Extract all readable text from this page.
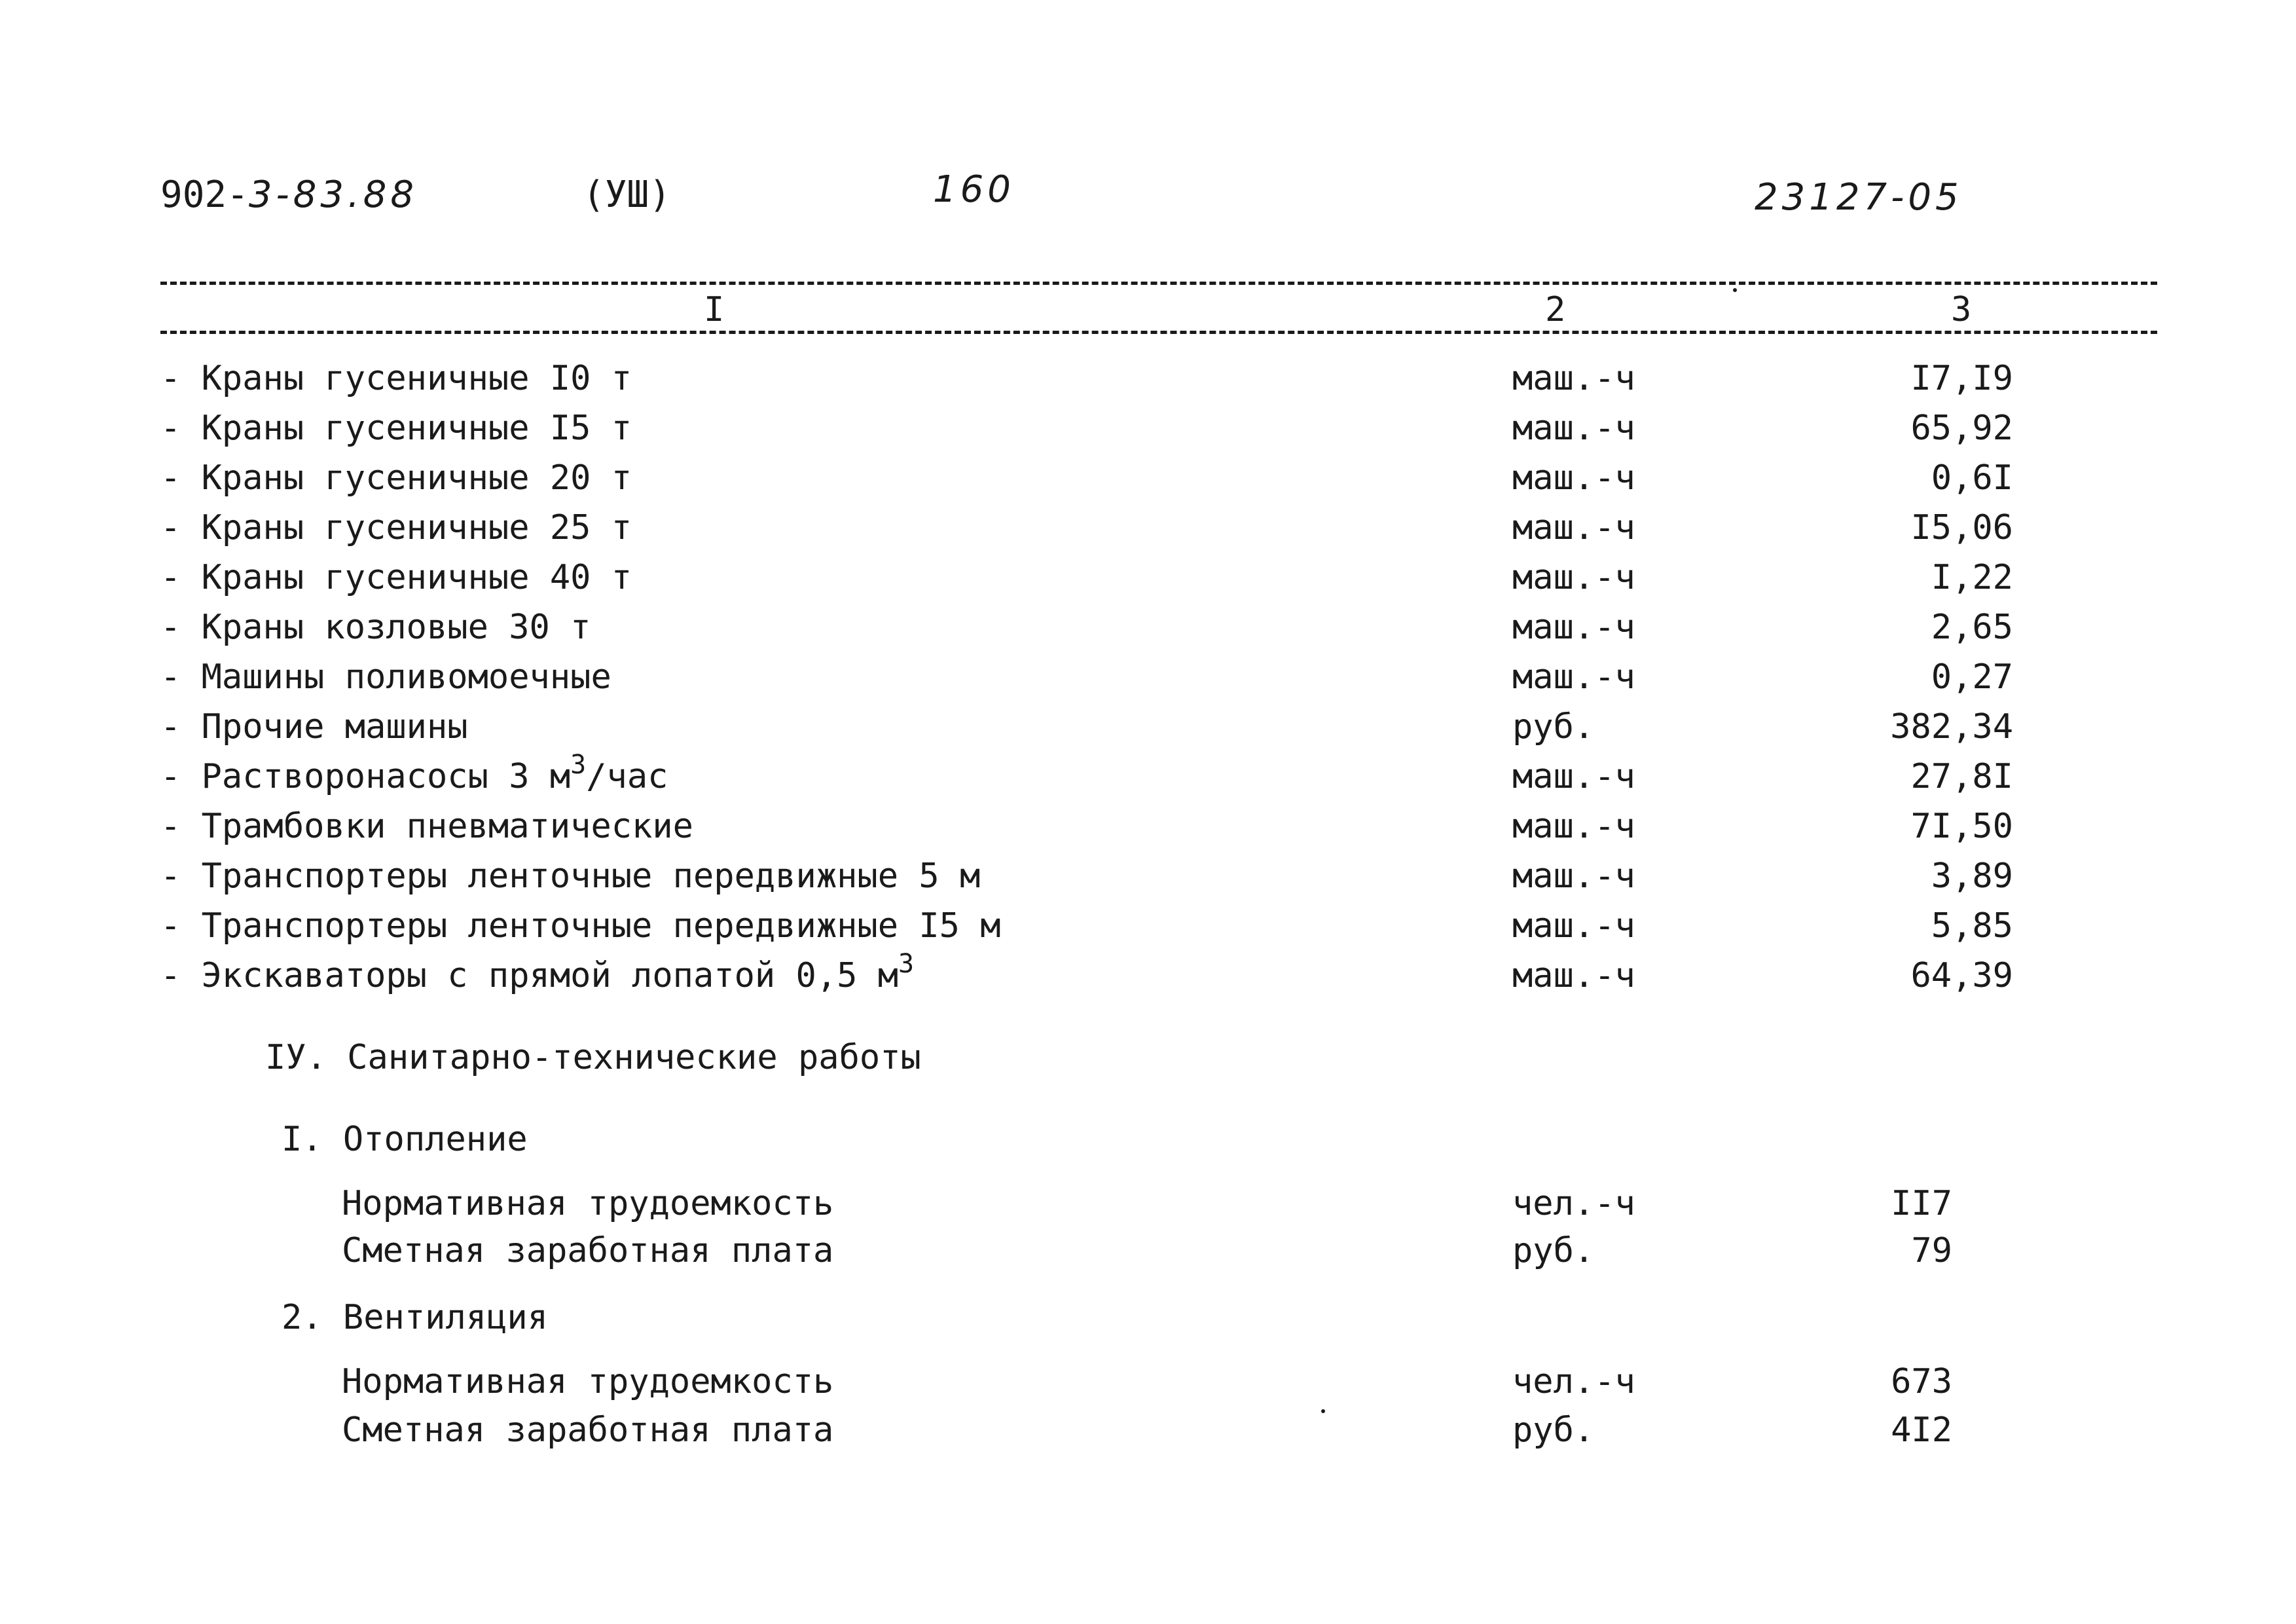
902-3-83.88	(УШ)	160	23127-05
I	2	3
- Краны гусеничные I0 т	маш.-ч	I7,I9
- Краны гусеничные I5 т	маш.-ч	65,92
- Краны гусеничные 20 т	маш.-ч	0,6I
- Краны гусеничные 25 т	маш.-ч	I5,06
- Краны гусеничные 40 т	маш.-ч	I,22
- Краны козловые 30 т	маш.-ч	2,65
- Машины поливомоечные	маш.-ч	0,27
- Прочие машины	руб.	382,34
- Растворонасосы 3 $м^3$/час	маш.-ч	27,8I
- Трамбовки пневматические	маш.-ч	7I,50
- Транспортеры ленточные передвижные 5 м	маш.-ч	3,89
- Транспортеры ленточные передвижные I5 м	маш.-ч	5,85
- Экскаваторы с прямой лопатой 0,5 $м^3$	маш.-ч	64,39
IУ. Санитарно-технические работы
I. Отопление
Нормативная трудоемкость	чел.-ч	II7
Сметная заработная плата	руб.	79
2. Вентиляция
Нормативная трудоемкость	чел.-ч	673
Сметная заработная плата	руб.	4I2
